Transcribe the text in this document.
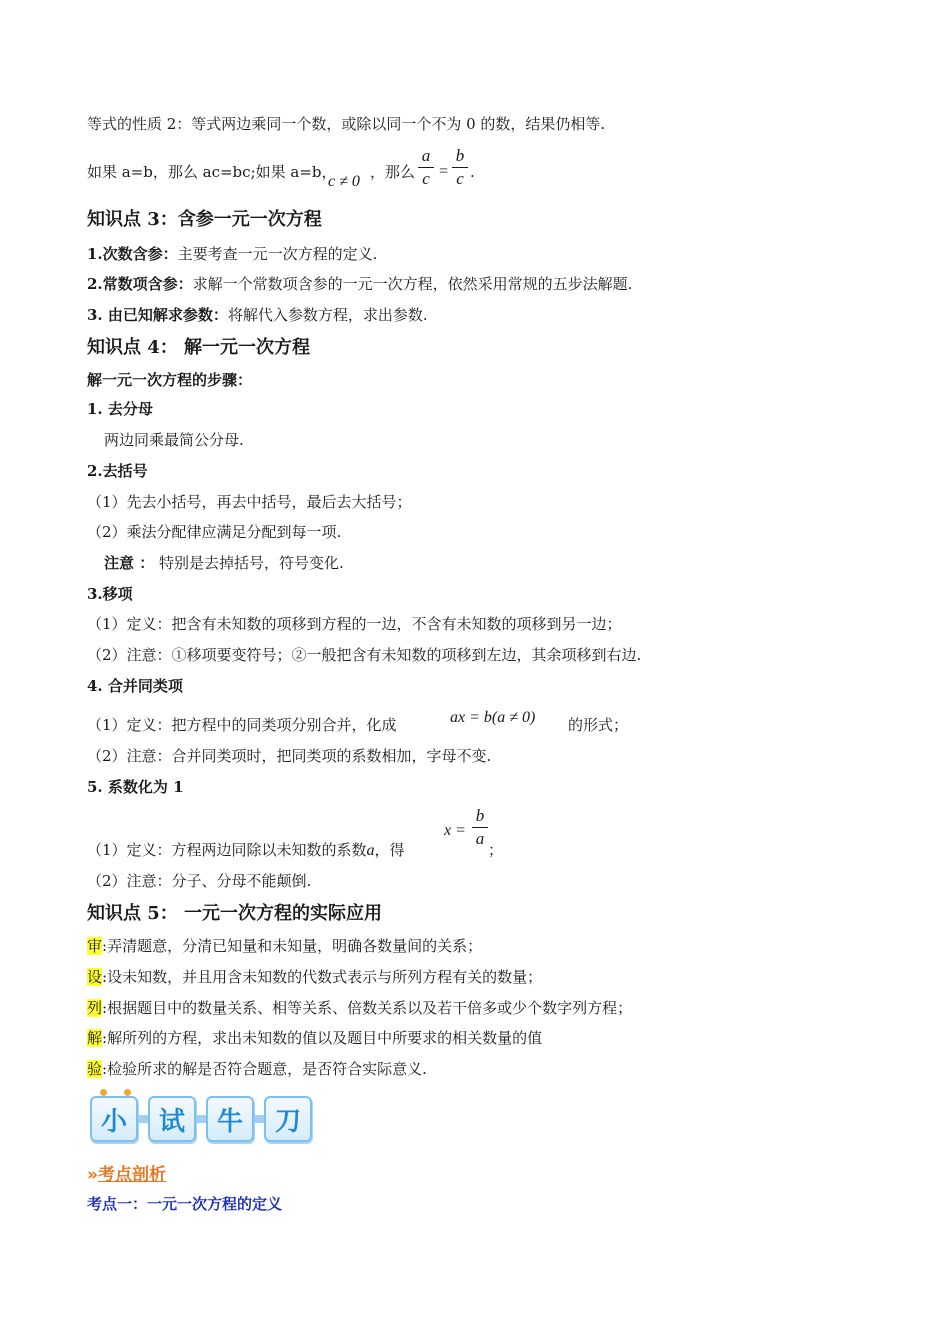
等式的性质 2：等式两边乘同一个数，或除以同一个不为 0 的数，结果仍相等.
如果 a=b，那么 ac=bc;如果 a=b，
c ≠ 0
，那么
a
c =
b
c .
知识点 3：含参一元一次方程
1.次数含参：主要考查一元一次方程的定义.
2.常数项含参：求解一个常数项含参的一元一次方程，依然采用常规的五步法解题.
3. 由已知解求参数：将解代入参数方程，求出参数.
知识点 4： 解一元一次方程
解一元一次方程的步骤：
1. 去分母
两边同乘最简公分母.
2.去括号
（1）先去小括号，再去中括号，最后去大括号；
（2）乘法分配律应满足分配到每一项.
注意 ： 特别是去掉括号，符号变化.
3.移项
（1）定义：把含有未知数的项移到方程的一边，不含有未知数的项移到另一边；
（2）注意：①移项要变符号；②一般把含有未知数的项移到左边，其余项移到右边.
4. 合并同类项
（1）定义：把方程中的同类项分别合并，化成	ax = b(a ≠ 0) 的形式；
（2）注意：合并同类项时，把同类项的系数相加，字母不变.
5. 系数化为 1
（1）定义：方程两边同除以未知数的系数a，得
x =
b
a
；
（2）注意：分子、分母不能颠倒.
知识点 5： 一元一次方程的实际应用
审:弄清题意，分清已知量和未知量，明确各数量间的关系；
设:设未知数，并且用含未知数的代数式表示与所列方程有关的数量；
列:根据题目中的数量关系、相等关系、倍数关系以及若干倍多或少个数字列方程；
解:解所列的方程，求出未知数的值以及题目中所要求的相关数量的值
验:检验所求的解是否符合题意，是否符合实际意义.
小	试	牛	刀
»考点剖析
考点一：一元一次方程的定义
